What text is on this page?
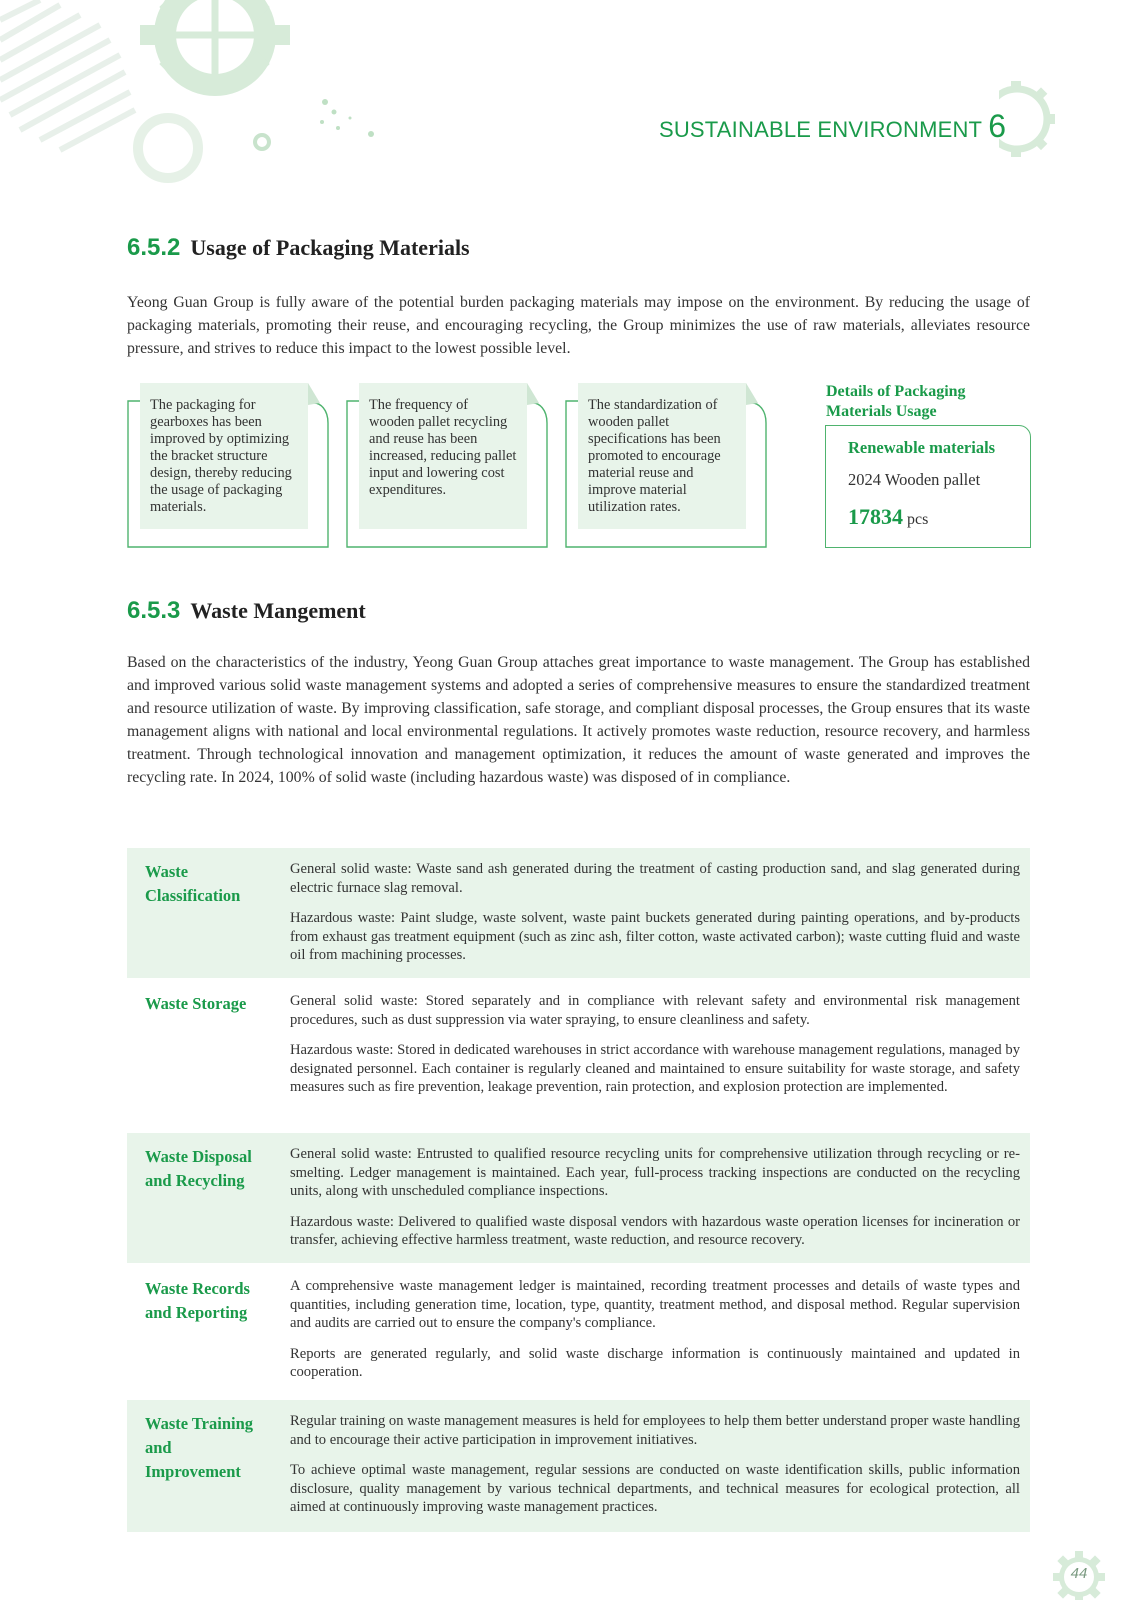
SUSTAINABLE ENVIRONMENT 6
6.5.2 Usage of Packaging Materials

Yeong Guan Group is fully aware of the potential burden packaging materials may impose on the environment. By reducing the usage of packaging materials, promoting their reuse, and encouraging recycling, the Group minimizes the use of raw materials, alleviates resource pressure, and strives to reduce this impact to the lowest possible level.

The packaging for gearboxes has been improved by optimizing the bracket structure design, thereby reducing the usage of packaging materials.
The frequency of wooden pallet recycling and reuse has been increased, reducing pallet input and lowering cost expenditures.
The standardization of wooden pallet specifications has been promoted to encourage material reuse and improve material utilization rates.
Details of Packaging Materials Usage
Renewable materials
2024 Wooden pallet
17834 pcs
6.5.3 Waste Mangement

Based on the characteristics of the industry, Yeong Guan Group attaches great importance to waste management. The Group has established and improved various solid waste management systems and adopted a series of comprehensive measures to ensure the standardized treatment and resource utilization of waste. By improving classification, safe storage, and compliant disposal processes, the Group ensures that its waste management aligns with national and local environmental regulations. It actively promotes waste reduction, resource recovery, and harmless treatment. Through technological innovation and management optimization, it reduces the amount of waste generated and improves the recycling rate. In 2024, 100% of solid waste (including hazardous waste) was disposed of in compliance.

Waste Classification

General solid waste: Waste sand ash generated during the treatment of casting production sand, and slag generated during electric furnace slag removal.

Hazardous waste: Paint sludge, waste solvent, waste paint buckets generated during painting operations, and by-products from exhaust gas treatment equipment (such as zinc ash, filter cotton, waste activated carbon); waste cutting fluid and waste oil from machining processes.

Waste Storage	General solid waste: Stored separately and in compliance with relevant safety and environmental risk management procedures, such as dust suppression via water spraying, to ensure cleanliness and safety.

Hazardous waste: Stored in dedicated warehouses in strict accordance with warehouse management regulations, managed by designated personnel. Each container is regularly cleaned and maintained to ensure suitability for waste storage, and safety measures such as fire prevention, leakage prevention, rain protection, and explosion protection are implemented.

Waste Disposal and Recycling

General solid waste: Entrusted to qualified resource recycling units for comprehensive utilization through recycling or re-smelting. Ledger management is maintained. Each year, full-process tracking inspections are conducted on the recycling units, along with unscheduled compliance inspections.

Hazardous waste: Delivered to qualified waste disposal vendors with hazardous waste operation licenses for incineration or transfer, achieving effective harmless treatment, waste reduction, and resource recovery.

Waste Records and Reporting

A comprehensive waste management ledger is maintained, recording treatment processes and details of waste types and quantities, including generation time, location, type, quantity, treatment method, and disposal method. Regular supervision and audits are carried out to ensure the company's compliance.

Reports are generated regularly, and solid waste discharge information is continuously maintained and updated in cooperation.

Waste Training and Improvement

Regular training on waste management measures is held for employees to help them better understand proper waste handling and to encourage their active participation in improvement initiatives.

To achieve optimal waste management, regular sessions are conducted on waste identification skills, public information disclosure, quality management by various technical departments, and technical measures for ecological protection, all aimed at continuously improving waste management practices.

44
